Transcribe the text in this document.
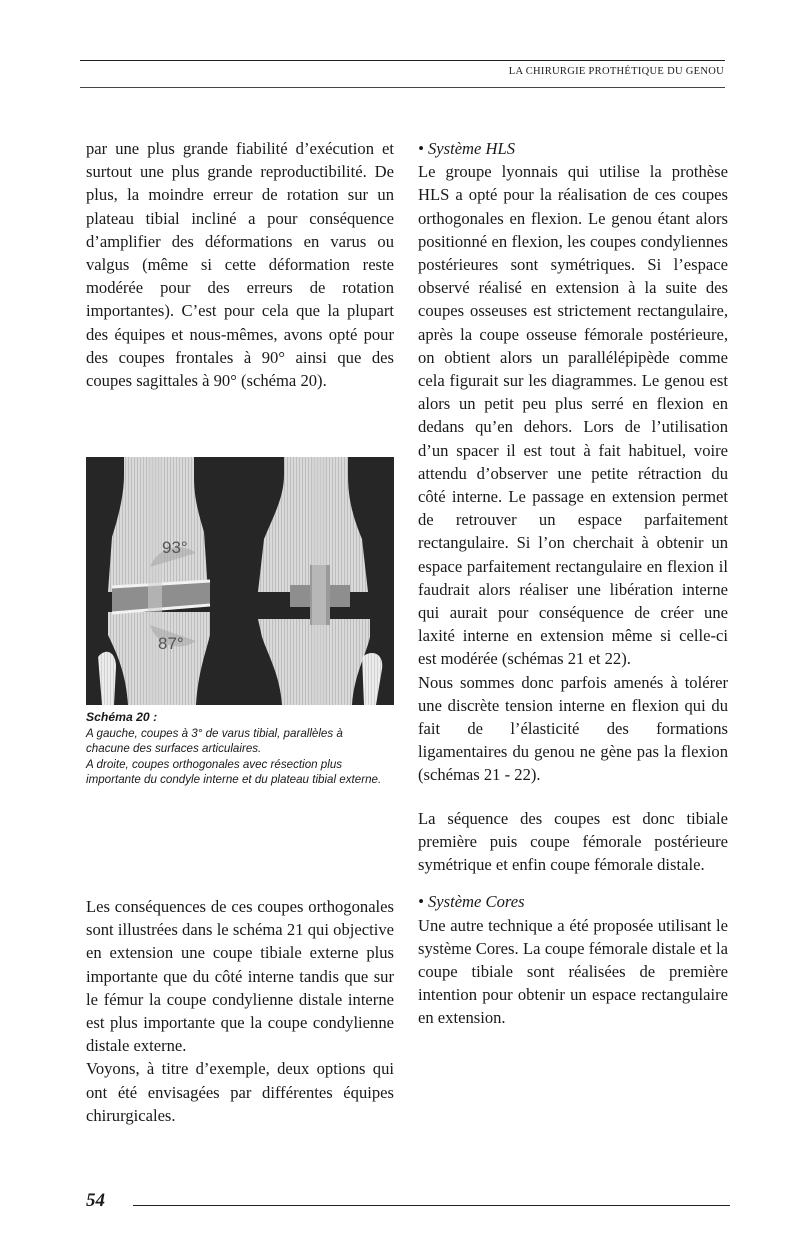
LA CHIRURGIE PROTHÉTIQUE DU GENOU

par une plus grande fiabilité d’exécution et surtout une plus grande reproductibilité. De plus, la moindre erreur de rotation sur un plateau tibial incliné a pour conséquence d’amplifier des déformations en varus ou valgus (même si cette déformation reste modérée pour des erreurs de rotation importantes). C’est pour cela que la plupart des équipes et nous-mêmes, avons opté pour des coupes frontales à 90° ainsi que des coupes sagittales à 90° (schéma 20).

93°
87°

Schéma 20 :

A gauche, coupes à 3° de varus tibial, parallèles à chacune des surfaces articulaires.

A droite, coupes orthogonales avec résection plus importante du condyle interne et du plateau tibial externe.

Les conséquences de ces coupes orthogonales sont illustrées dans le schéma 21 qui objective en extension une coupe tibiale externe plus importante que du côté interne tandis que sur le fémur la coupe condylienne distale interne est plus importante que la coupe condylienne distale externe.

Voyons, à titre d’exemple, deux options qui ont été envisagées par différentes équipes chirurgicales.

• Système HLS

Le groupe lyonnais qui utilise la prothèse HLS a opté pour la réalisation de ces coupes orthogonales en flexion. Le genou étant alors positionné en flexion, les coupes condyliennes postérieures sont symétriques. Si l’espace observé réalisé en extension à la suite des coupes osseuses est strictement rectangulaire, après la coupe osseuse fémorale postérieure, on obtient alors un parallélépipède comme cela figurait sur les diagrammes. Le genou est alors un petit peu plus serré en flexion en dedans qu’en dehors. Lors de l’utilisation d’un spacer il est tout à fait habituel, voire attendu d’observer une petite rétraction du côté interne. Le passage en extension permet de retrouver un espace parfaitement rectangulaire. Si l’on cherchait à obtenir un espace parfaitement rectangulaire en flexion il faudrait alors réaliser une libération interne qui aurait pour conséquence de créer une laxité interne en extension même si celle-ci est modérée (schémas 21 et 22).

Nous sommes donc parfois amenés à tolérer une discrète tension interne en flexion qui du fait de l’élasticité des formations ligamentaires du genou ne gène pas la flexion (schémas 21 - 22).

La séquence des coupes est donc tibiale première puis coupe fémorale postérieure symétrique et enfin coupe fémorale distale.

• Système Cores

Une autre technique a été proposée utilisant le système Cores. La coupe fémorale distale et la coupe tibiale sont réalisées de première intention pour obtenir un espace rectangulaire en extension.

54
